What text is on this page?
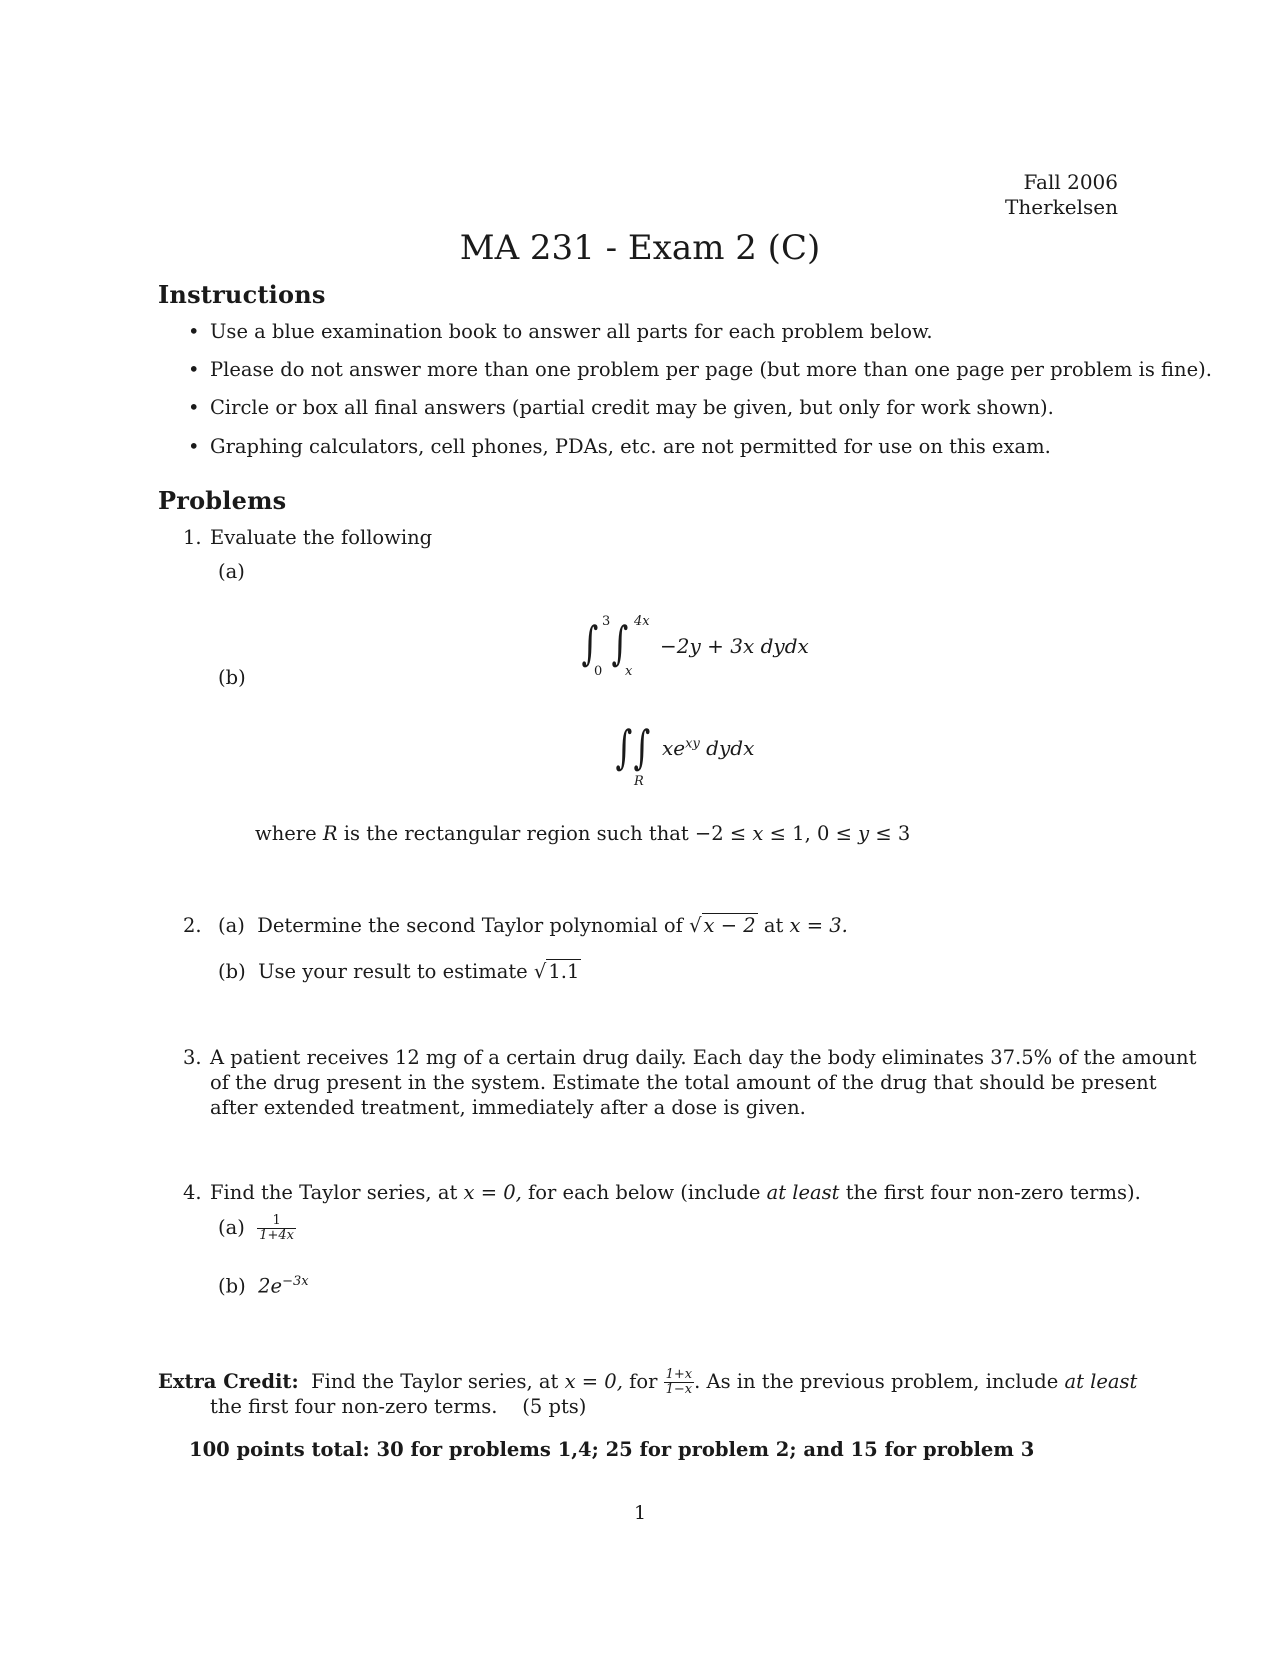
Fall 2006
Therkelsen
MA 231 - Exam 2 (C)
Instructions
• Use a blue examination book to answer all parts for each problem below.
• Please do not answer more than one problem per page (but more than one page per problem is fine).
• Circle or box all final answers (partial credit may be given, but only for work shown).
• Graphing calculators, cell phones, PDAs, etc. are not permitted for use on this exam.
Problems
1. Evaluate the following
(a)
∫ 3
0
∫ 4x
x
−2y + 3x dydx
(b)
∫ ∫
R
$xe^{xy}$ dydx
where R is the rectangular region such that −2 ≤ x ≤ 1, 0 ≤ y ≤ 3
2. (a) Determine the second Taylor polynomial of √ x − 2 at x = 3.
(b) Use your result to estimate √ 1.1
3. A patient receives 12 mg of a certain drug daily. Each day the body eliminates 37.5% of the amount
of the drug present in the system. Estimate the total amount of the drug that should be present
after extended treatment, immediately after a dose is given.
4. Find the Taylor series, at x = 0, for each below (include at least the first four non-zero terms).
$(a) \frac{1}{1+4x}$
(b) $2e^{-3x}$
Extra Credit: Find the Taylor series, at x = 0, for $\frac{1+x}{1-x}$ . As in the previous problem, include at least
the first four non-zero terms.    (5 pts)
100 points total: 30 for problems 1,4; 25 for problem 2; and 15 for problem 3
1
